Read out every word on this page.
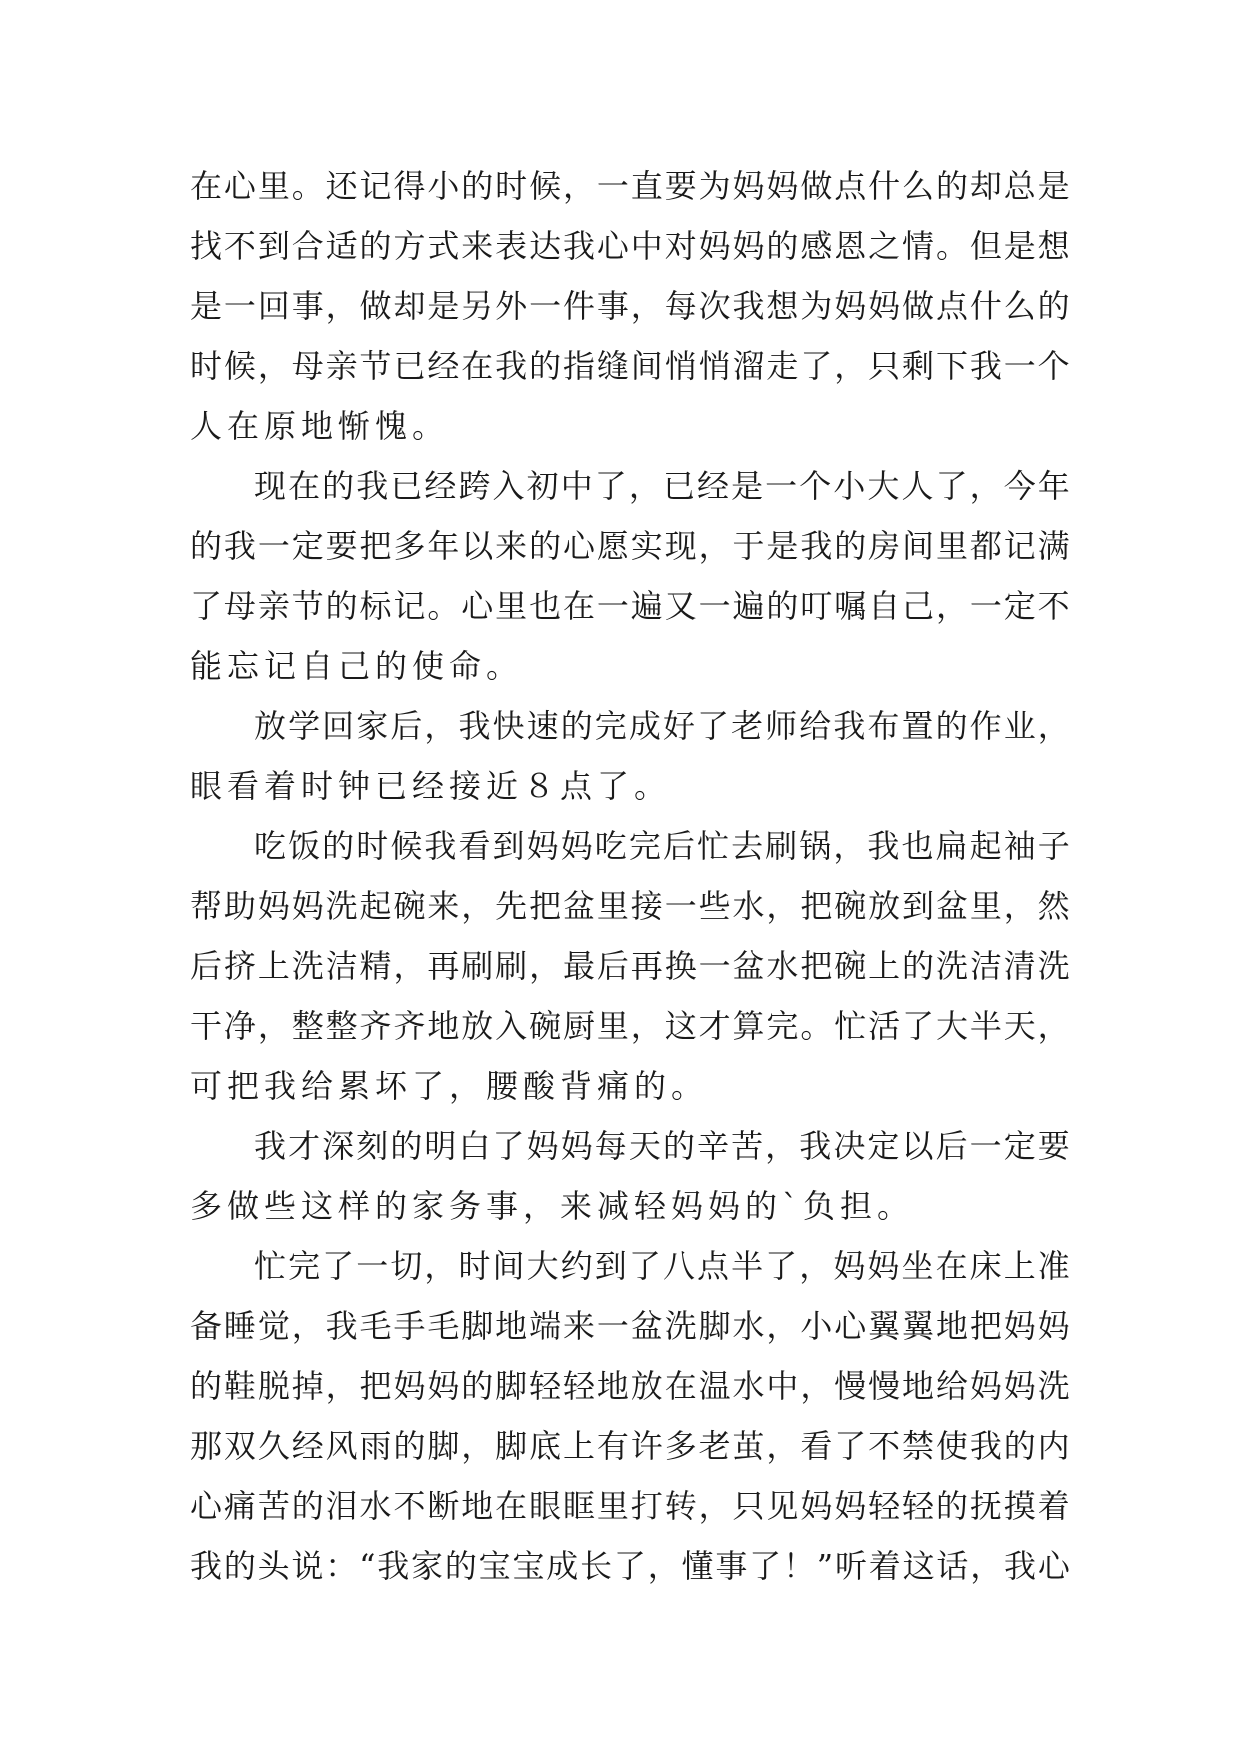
在 心 里 。 还 记 得 小 的 时 候 ， 一 直 要 为 妈 妈 做 点 什 么 的 却 总 是
找 不 到 合 适 的 方 式 来 表 达 我 心 中 对 妈 妈 的 感 恩 之 情 。 但 是 想
是 一 回 事 ， 做 却 是 另 外 一 件 事 ， 每 次 我 想 为 妈 妈 做 点 什 么 的
时 候 ， 母 亲 节 已 经 在 我 的 指 缝 间 悄 悄 溜 走 了 ， 只 剩 下 我 一 个
人在原地惭愧。
现 在 的 我 已 经 跨 入 初 中 了 ， 已 经 是 一 个 小 大 人 了 ， 今 年
的 我 一 定 要 把 多 年 以 来 的 心 愿 实 现 ， 于 是 我 的 房 间 里 都 记 满
了 母 亲 节 的 标 记 。 心 里 也 在 一 遍 又 一 遍 的 叮 嘱 自 己 ， 一 定 不
能忘记自己的使命。
放 学 回 家 后 ， 我 快 速 的 完 成 好 了 老 师 给 我 布 置 的 作 业 ，
眼看着时钟已经接近８点了。
吃 饭 的 时 候 我 看 到 妈 妈 吃 完 后 忙 去 刷 锅 ， 我 也 扁 起 袖 子
帮 助 妈 妈 洗 起 碗 来 ， 先 把 盆 里 接 一 些 水 ， 把 碗 放 到 盆 里 ， 然
后 挤 上 洗 洁 精 ， 再 刷 刷 ， 最 后 再 换 一 盆 水 把 碗 上 的 洗 洁 清 洗
干 净 ， 整 整 齐 齐 地 放 入 碗 厨 里 ， 这 才 算 完 。 忙 活 了 大 半 天 ，
可把我给累坏了，腰酸背痛的。
我 才 深 刻 的 明 白 了 妈 妈 每 天 的 辛 苦 ， 我 决 定 以 后 一 定 要
多做些这样的家务事，来减轻妈妈的`负担。
忙 完 了 一 切 ， 时 间 大 约 到 了 八 点 半 了 ， 妈 妈 坐 在 床 上 准
备 睡 觉 ， 我 毛 手 毛 脚 地 端 来 一 盆 洗 脚 水 ， 小 心 翼 翼 地 把 妈 妈
的 鞋 脱 掉 ， 把 妈 妈 的 脚 轻 轻 地 放 在 温 水 中 ， 慢 慢 地 给 妈 妈 洗
那 双 久 经 风 雨 的 脚 ， 脚 底 上 有 许 多 老 茧 ， 看 了 不 禁 使 我 的 内
心 痛 苦 的 泪 水 不 断 地 在 眼 眶 里 打 转 ， 只 见 妈 妈 轻 轻 的 抚 摸 着
我 的 头 说 ： “ 我 家 的 宝 宝 成 长 了 ， 懂 事 了 ！ ” 听 着 这 话 ， 我 心
